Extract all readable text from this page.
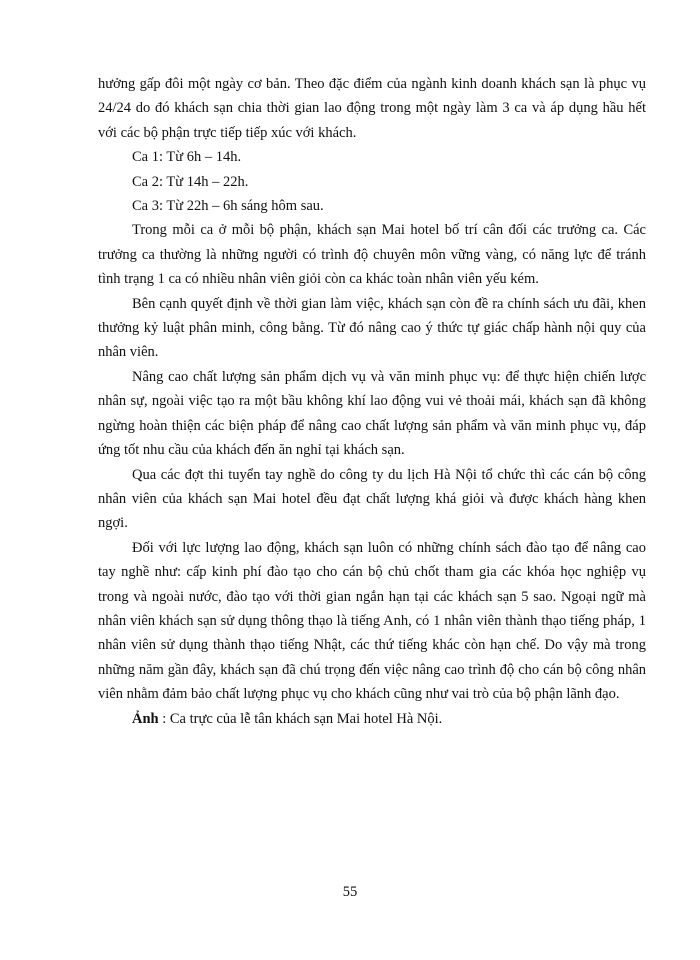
hưởng gấp đôi một ngày cơ bản. Theo đặc điểm của ngành kinh doanh khách sạn là phục vụ 24/24 do đó khách sạn chia thời gian lao động trong một ngày làm 3 ca và áp dụng hầu hết với các bộ phận trực tiếp tiếp xúc với khách.

Ca 1: Từ 6h – 14h.

Ca 2: Từ 14h – 22h.

Ca 3: Từ 22h – 6h sáng hôm sau.

Trong mỗi ca ở mỗi bộ phận, khách sạn Mai hotel bố trí cân đối các trưởng ca. Các trưởng ca thường là những người có trình độ chuyên môn vững vàng, có năng lực để tránh tình trạng 1 ca có nhiều nhân viên giỏi còn ca khác toàn nhân viên yếu kém.

Bên cạnh quyết định về thời gian làm việc, khách sạn còn đề ra chính sách ưu đãi, khen thưởng kỷ luật phân minh, công bằng. Từ đó nâng cao ý thức tự giác chấp hành nội quy của nhân viên.

Nâng cao chất lượng sản phẩm dịch vụ và văn minh phục vụ: để thực hiện chiến lược nhân sự, ngoài việc tạo ra một bầu không khí lao động vui vẻ thoải mái, khách sạn đã không ngừng hoàn thiện các biện pháp để nâng cao chất lượng sản phẩm và văn minh phục vụ, đáp ứng tốt nhu cầu của khách đến ăn nghỉ tại khách sạn.

Qua các đợt thi tuyển tay nghề do công ty du lịch Hà Nội tổ chức thì các cán bộ công nhân viên của khách sạn Mai hotel đều đạt chất lượng khá giỏi và được khách hàng khen ngợi.

Đối với lực lượng lao động, khách sạn luôn có những chính sách đào tạo để nâng cao tay nghề như: cấp kinh phí đào tạo cho cán bộ chủ chốt tham gia các khóa học nghiệp vụ trong và ngoài nước, đào tạo với thời gian ngắn hạn tại các khách sạn 5 sao. Ngoại ngữ mà nhân viên khách sạn sử dụng thông thạo là tiếng Anh, có 1 nhân viên thành thạo tiếng pháp, 1 nhân viên sử dụng thành thạo tiếng Nhật, các thứ tiếng khác còn hạn chế. Do vậy mà trong những năm gần đây, khách sạn đã chú trọng đến việc nâng cao trình độ cho cán bộ công nhân viên nhằm đảm bảo chất lượng phục vụ cho khách cũng như vai trò của bộ phận lãnh đạo.

Ảnh : Ca trực của lễ tân khách sạn Mai hotel Hà Nội.

55
